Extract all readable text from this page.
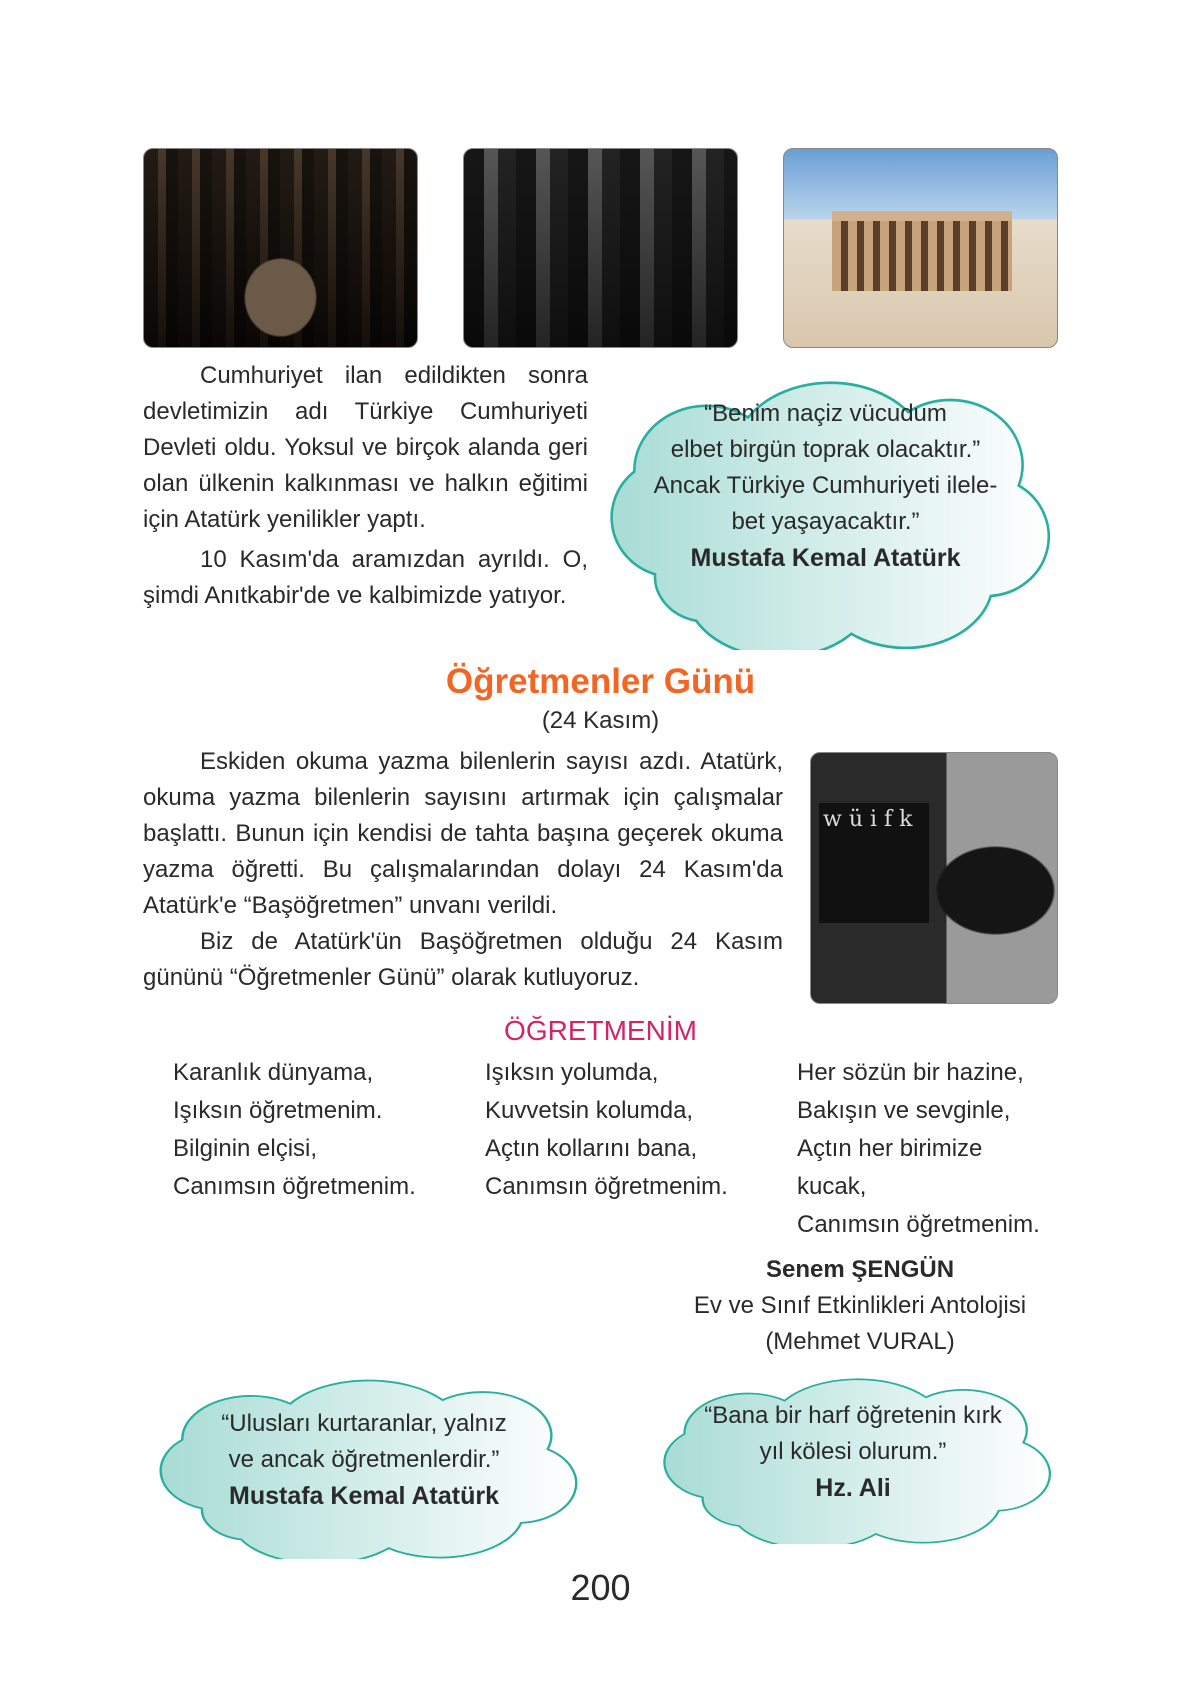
Cumhuriyet ilan edildikten sonra devletimizin adı Türkiye Cumhuriyeti Devleti oldu. Yoksul ve birçok alanda geri olan ülkenin kalkınması ve halkın eğitimi için Atatürk yenilikler yaptı.

10 Kasım'da aramızdan ayrıldı. O, şimdi Anıtkabir'de ve kalbimizde yatıyor.

“Benim naçiz vücudum
elbet birgün toprak olacaktır.”
Ancak Türkiye Cumhuriyeti ilele-
bet yaşayacaktır.”
Mustafa Kemal Atatürk
Öğretmenler Günü
(24 Kasım)

Eskiden okuma yazma bilenlerin sayısı azdı. Atatürk, okuma yazma bilenlerin sayısını artırmak için çalışmalar başlattı. Bunun için kendisi de tahta başına geçerek okuma yazma öğretti. Bu çalışmalarından dolayı 24 Kasım'da Atatürk'e “Başöğretmen” unvanı verildi.

Biz de Atatürk'ün Başöğretmen olduğu 24 Kasım gününü “Öğretmenler Günü” olarak kutluyoruz.

w ü i f k
ÖĞRETMENİM
Karanlık dünyama,
Işıksın öğretmenim.
Bilginin elçisi,
Canımsın öğretmenim.
Işıksın yolumda,
Kuvvetsin kolumda,
Açtın kollarını bana,
Canımsın öğretmenim.
Her sözün bir hazine,
Bakışın ve sevginle,
Açtın her birimize kucak,
Canımsın öğretmenim.
Senem ŞENGÜN
Ev ve Sınıf Etkinlikleri Antolojisi
(Mehmet VURAL)
“Ulusları kurtaranlar, yalnız
ve ancak öğretmenlerdir.”
Mustafa Kemal Atatürk
“Bana bir harf öğretenin kırk
yıl kölesi olurum.”
Hz. Ali
200
